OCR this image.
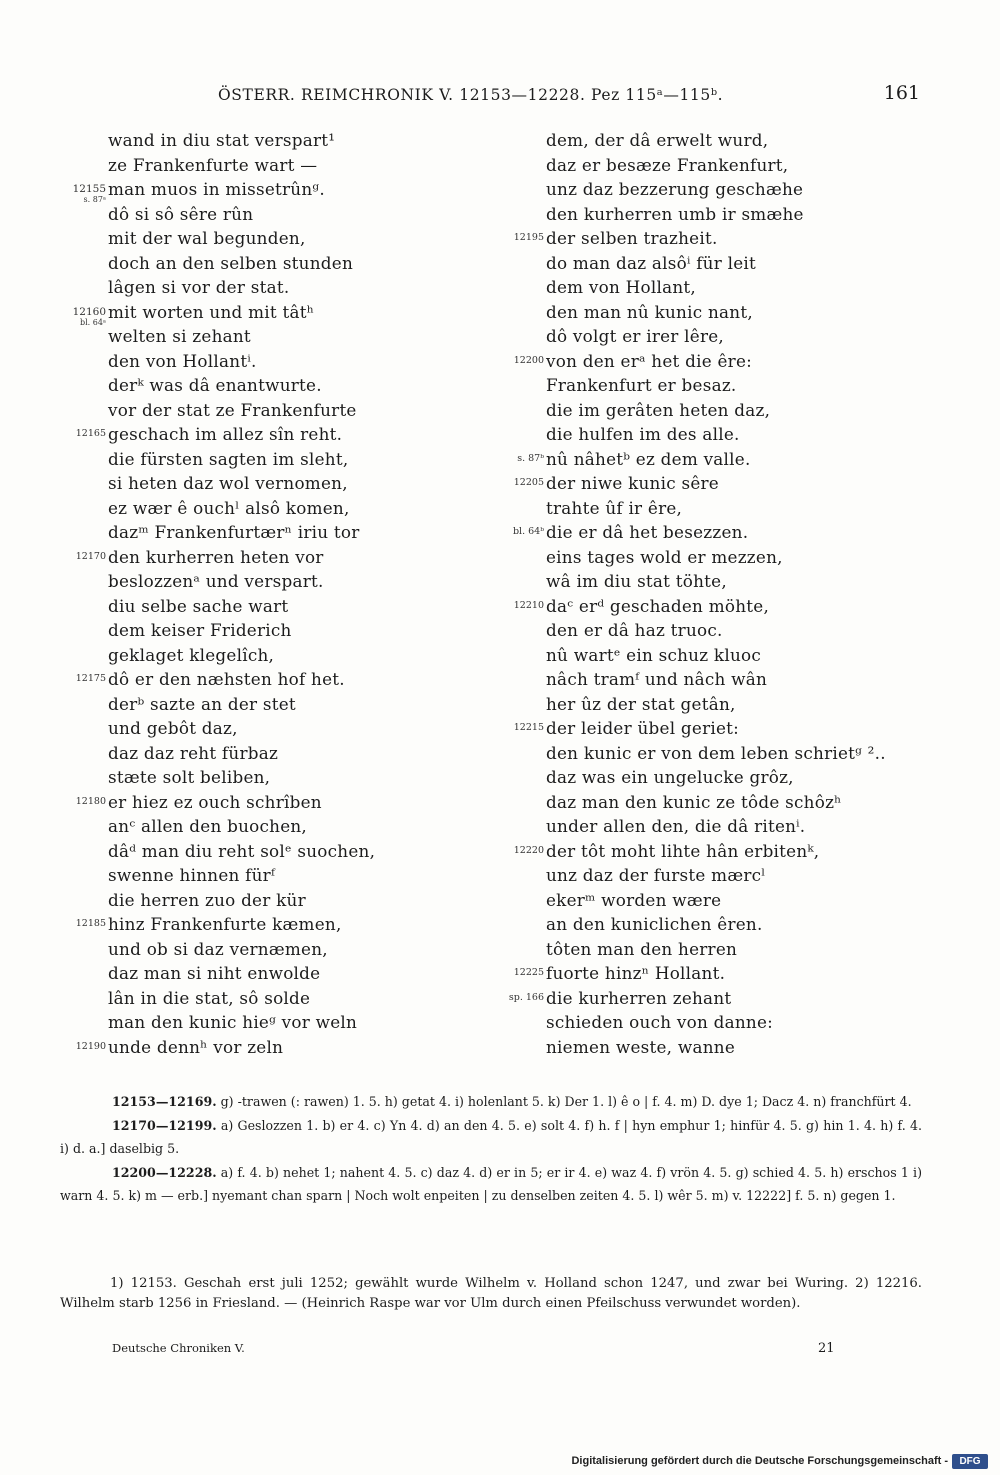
ÖSTERR. REIMCHRONIK V. 12153—12228. Pez 115ᵃ—115ᵇ.	161
wand in diu stat verspart¹
ze Frankenfurte wart —
12155
s. 87ᵃ
man muos in missetrûnᵍ.
dô si sô sêre rûn
mit der wal begunden,
doch an den selben stunden
lâgen si vor der stat.
12160
bl. 64ᵃ
mit worten und mit tâtʰ
welten si zehant
den von Hollantⁱ.
derᵏ was dâ enantwurte.
vor der stat ze Frankenfurte
12165 geschach im allez sîn reht.
die fürsten sagten im sleht,
si heten daz wol vernomen,
ez wær ê ouchˡ alsô komen,
dazᵐ Frankenfurtærⁿ iriu tor
12170 den kurherren heten vor
beslozzenᵃ und verspart.
diu selbe sache wart
dem keiser Friderich
geklaget klegelîch,
12175 dô er den næhsten hof het.
derᵇ sazte an der stet
und gebôt daz,
daz daz reht fürbaz
stæte solt beliben,
12180 er hiez ez ouch schrîben
anᶜ allen den buochen,
dâᵈ man diu reht solᵉ suochen,
swenne hinnen fürᶠ
die herren zuo der kür
12185 hinz Frankenfurte kæmen,
und ob si daz vernæmen,
daz man si niht enwolde
lân in die stat, sô solde
man den kunic hieᵍ vor weln
12190 unde dennʰ vor zeln
dem, der dâ erwelt wurd,
daz er besæze Frankenfurt,
unz daz bezzerung geschæhe
den kurherren umb ir smæhe
12195 der selben trazheit.
do man daz alsôⁱ für leit
dem von Hollant,
den man nû kunic nant,
dô volgt er irer lêre,
12200 von den erᵃ het die êre:
Frankenfurt er besaz.
die im gerâten heten daz,
die hulfen im des alle.
s. 87ᵇ nû nâhetᵇ ez dem valle.
12205 der niwe kunic sêre
trahte ûf ir êre,
bl. 64ᵇ die er dâ het besezzen.
eins tages wold er mezzen,
wâ im diu stat töhte,
12210 daᶜ erᵈ geschaden möhte,
den er dâ haz truoc.
nû wartᵉ ein schuz kluoc
nâch tramᶠ und nâch wân
her ûz der stat getân,
12215 der leider übel geriet:
den kunic er von dem leben schrietᵍ ²..
daz was ein ungelucke grôz,
daz man den kunic ze tôde schôzʰ
under allen den, die dâ ritenⁱ.
12220 der tôt moht lihte hân erbitenᵏ,
unz daz der furste mærcˡ
ekerᵐ worden wære
an den kuniclichen êren.
tôten man den herren
12225 fuorte hinzⁿ Hollant.
sp. 166 die kurherren zehant
schieden ouch von danne:
niemen weste, wanne
12153—12169. g) -trawen (: rawen) 1. 5. h) getat 4. i) holenlant 5. k) Der 1. l) ê o | f. 4. m) D. dye 1; Dacz 4. n) franchfürt 4.
12170—12199. a) Geslozzen 1. b) er 4. c) Yn 4. d) an den 4. 5. e) solt 4. f) h. f | hyn emphur 1; hinfür 4. 5. g) hin 1. 4. h) f. 4. i) d. a.] daselbig 5.
12200—12228. a) f. 4. b) nehet 1; nahent 4. 5. c) daz 4. d) er in 5; er ir 4. e) waz 4. f) vrön 4. 5. g) schied 4. 5. h) erschos 1 i) warn 4. 5. k) m — erb.] nyemant chan sparn | Noch wolt enpeiten | zu denselben zeiten 4. 5. l) wêr 5. m) v. 12222] f. 5. n) gegen 1.
1) 12153. Geschah erst juli 1252; gewählt wurde Wilhelm v. Holland schon 1247, und zwar bei Wuring. 2) 12216. Wilhelm starb 1256 in Friesland. — (Heinrich Raspe war vor Ulm durch einen Pfeilschuss verwundet worden).
Deutsche Chroniken V.	21
Digitalisierung gefördert durch die Deutsche Forschungsgemeinschaft -	DFG
